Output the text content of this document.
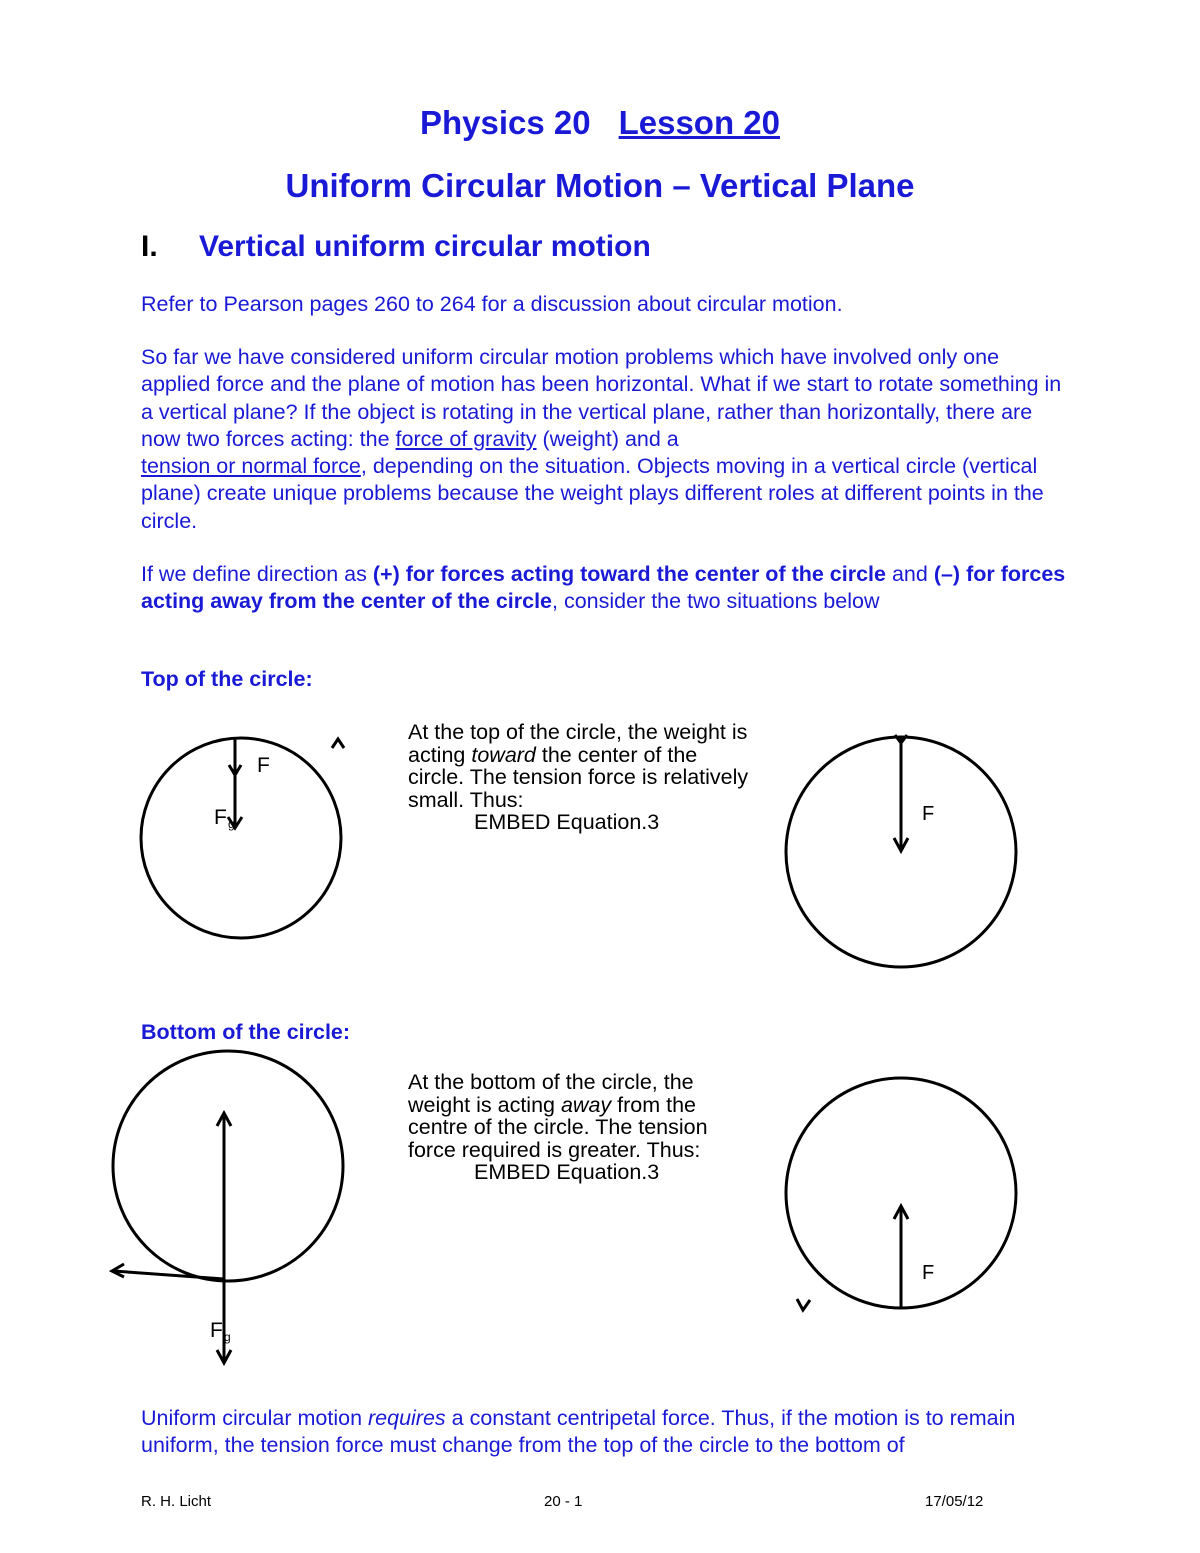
Physics 20 Lesson 20
Uniform Circular Motion – Vertical Plane
I. Vertical uniform circular motion
Refer to Pearson pages 260 to 264 for a discussion about circular motion.
So far we have considered uniform circular motion problems which have involved only one applied force and the plane of motion has been horizontal. What if we start to rotate something in a vertical plane? If the object is rotating in the vertical plane, rather than horizontally, there are now two forces acting: the force of gravity (weight) and a
tension or normal force, depending on the situation. Objects moving in a vertical circle (vertical plane) create unique problems because the weight plays different roles at different points in the circle.
If we define direction as (+) for forces acting toward the center of the circle and (–) for forces acting away from the center of the circle, consider the two situations below
Top of the circle:
F
F g
At the top of the circle, the weight is acting toward the center of the circle. The tension force is relatively small. Thus:
EMBED Equation.3	F
Bottom of the circle:
F g
At the bottom of the circle, the weight is acting away from the centre of the circle. The tension force required is greater. Thus:
EMBED Equation.3
F
Uniform circular motion requires a constant centripetal force. Thus, if the motion is to remain uniform, the tension force must change from the top of the circle to the bottom of
R. H. Licht	20 - 1	17/05/12
